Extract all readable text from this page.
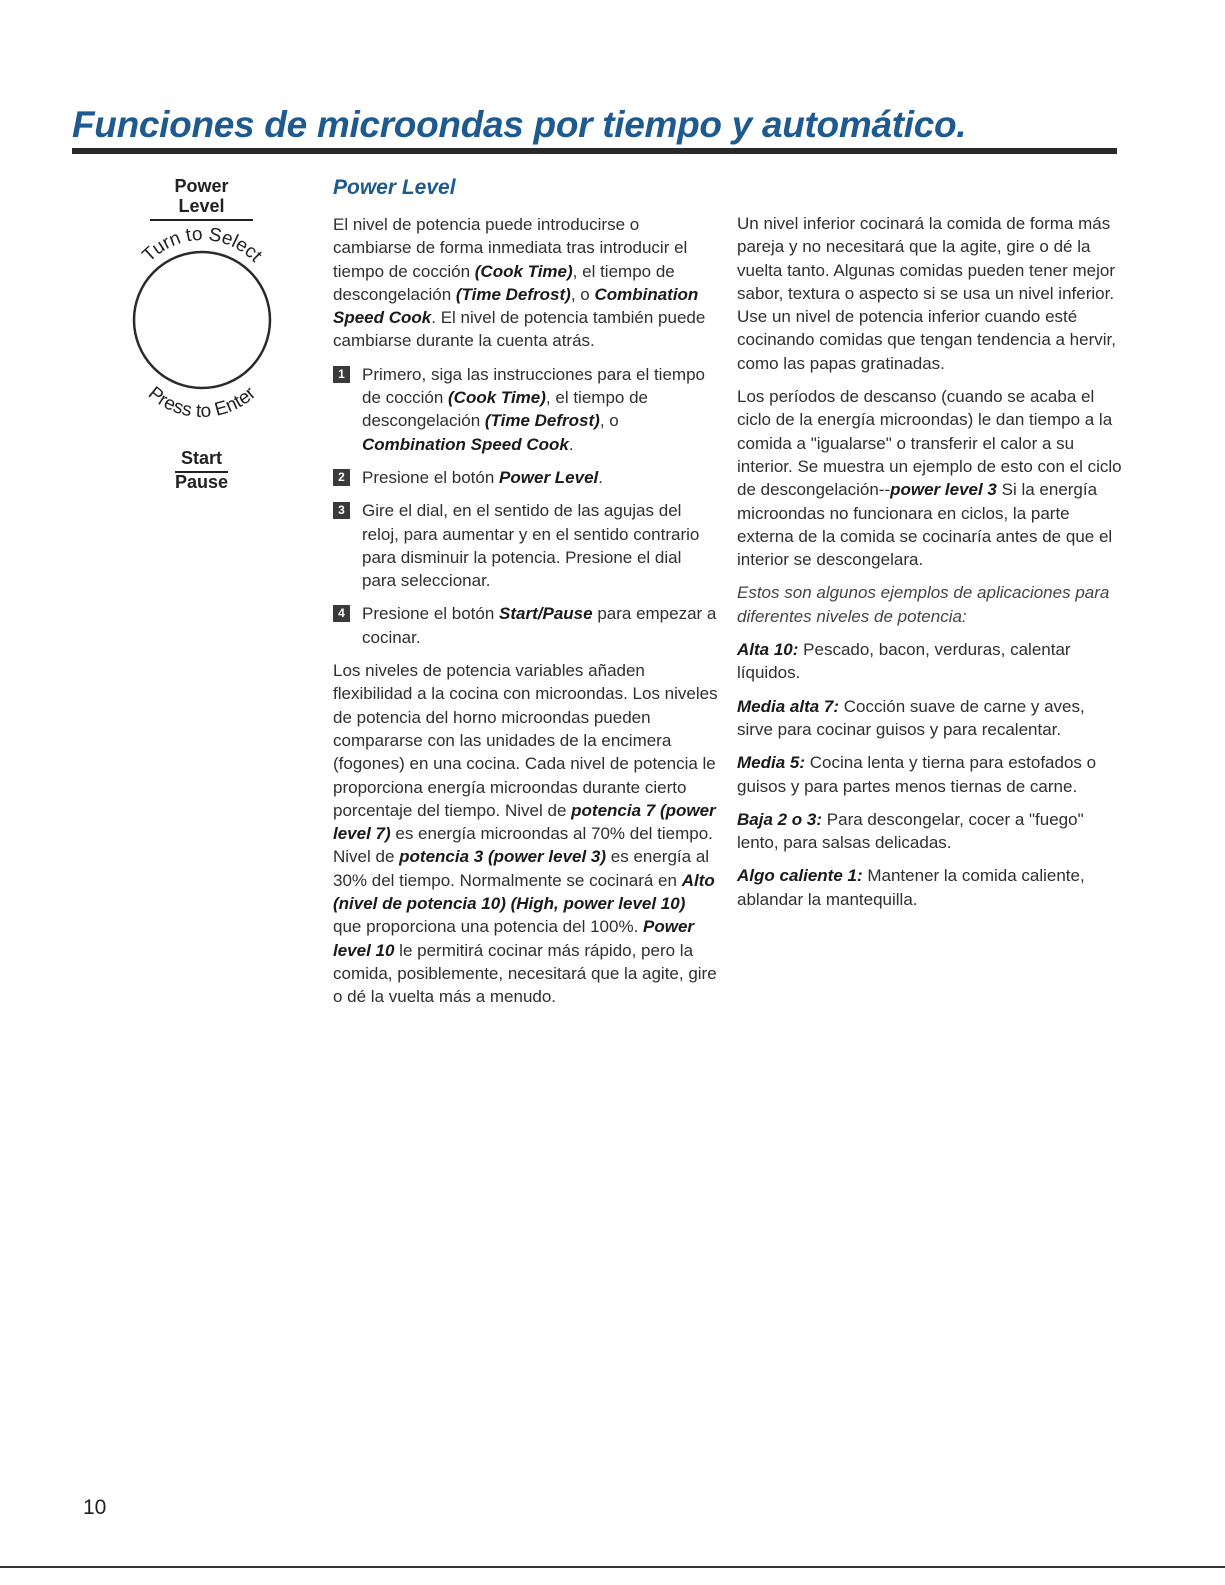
Funciones de microondas por tiempo y automático.
Power
Level
Turn to Select
Press to Enter
Start
Pause
Power Level

El nivel de potencia puede introducirse o cambiarse de forma inmediata tras introducir el tiempo de cocción (Cook Time), el tiempo de descongelación (Time Defrost), o Combination Speed Cook. El nivel de potencia también puede cambiarse durante la cuenta atrás.

1	Primero, siga las instrucciones para el tiempo de cocción (Cook Time), el tiempo de descongelación (Time Defrost), o Combination Speed Cook.
2	Presione el botón Power Level.
3	Gire el dial, en el sentido de las agujas del reloj, para aumentar y en el sentido contrario para disminuir la potencia. Presione el dial para seleccionar.
4	Presione el botón Start/Pause para empezar a cocinar.

Los niveles de potencia variables añaden flexibilidad a la cocina con microondas. Los niveles de potencia del horno microondas pueden compararse con las unidades de la encimera (fogones) en una cocina. Cada nivel de potencia le proporciona energía microondas durante cierto porcentaje del tiempo. Nivel de potencia 7 (power level 7) es energía microondas al 70% del tiempo. Nivel de potencia 3 (power level 3) es energía al 30% del tiempo. Normalmente se cocinará en Alto (nivel de potencia 10) (High, power level 10) que proporciona una potencia del 100%. Power level 10 le permitirá cocinar más rápido, pero la comida, posiblemente, necesitará que la agite, gire o dé la vuelta más a menudo.

Un nivel inferior cocinará la comida de forma más pareja y no necesitará que la agite, gire o dé la vuelta tanto. Algunas comidas pueden tener mejor sabor, textura o aspecto si se usa un nivel inferior. Use un nivel de potencia inferior cuando esté cocinando comidas que tengan tendencia a hervir, como las papas gratinadas.

Los períodos de descanso (cuando se acaba el ciclo de la energía microondas) le dan tiempo a la comida a "igualarse" o transferir el calor a su interior. Se muestra un ejemplo de esto con el ciclo de descongelación--power level 3 Si la energía microondas no funcionara en ciclos, la parte externa de la comida se cocinaría antes de que el interior se descongelara.

Estos son algunos ejemplos de aplicaciones para diferentes niveles de potencia:

Alta 10: Pescado, bacon, verduras, calentar líquidos.

Media alta 7: Cocción suave de carne y aves, sirve para cocinar guisos y para recalentar.

Media 5: Cocina lenta y tierna para estofados o guisos y para partes menos tiernas de carne.

Baja 2 o 3: Para descongelar, cocer a "fuego" lento, para salsas delicadas.

Algo caliente 1: Mantener la comida caliente, ablandar la mantequilla.

10
